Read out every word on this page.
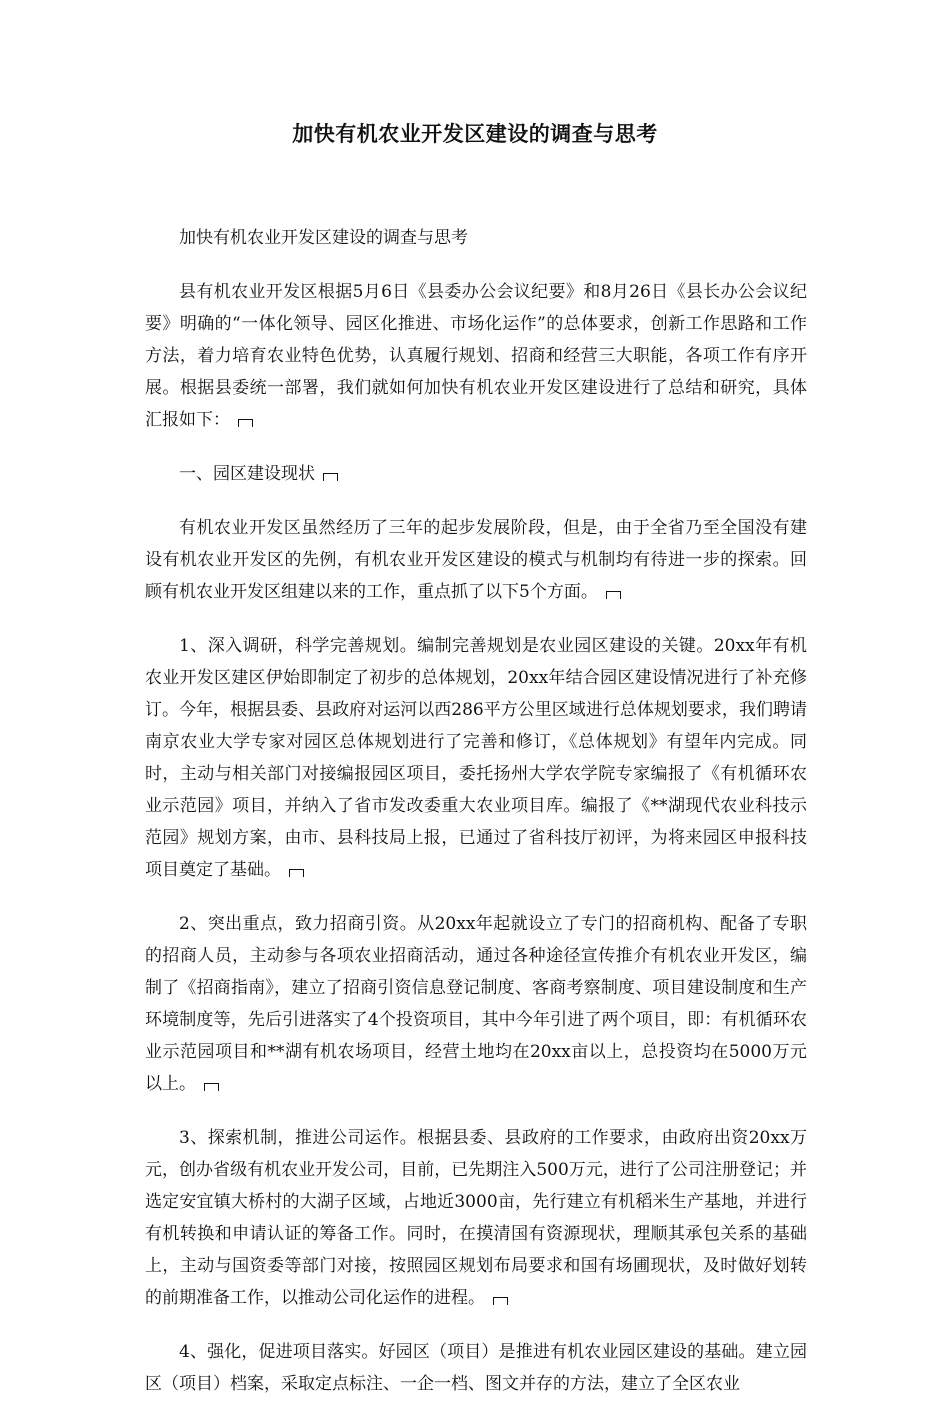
加快有机农业开发区建设的调查与思考

加快有机农业开发区建设的调查与思考

县有机农业开发区根据5月6日《县委办公会议纪要》和8月26日《县长办公会议纪要》明确的“一体化领导、园区化推进、市场化运作”的总体要求，创新工作思路和工作方法，着力培育农业特色优势，认真履行规划、招商和经营三大职能，各项工作有序开展。根据县委统一部署，我们就如何加快有机农业开发区建设进行了总结和研究，具体汇报如下：

一、园区建设现状

有机农业开发区虽然经历了三年的起步发展阶段，但是，由于全省乃至全国没有建设有机农业开发区的先例，有机农业开发区建设的模式与机制均有待进一步的探索。回顾有机农业开发区组建以来的工作，重点抓了以下5个方面。

1、深入调研，科学完善规划。编制完善规划是农业园区建设的关键。20xx年有机农业开发区建区伊始即制定了初步的总体规划，20xx年结合园区建设情况进行了补充修订。今年，根据县委、县政府对运河以西286平方公里区域进行总体规划要求，我们聘请南京农业大学专家对园区总体规划进行了完善和修订，《总体规划》有望年内完成。同时，主动与相关部门对接编报园区项目，委托扬州大学农学院专家编报了《有机循环农业示范园》项目，并纳入了省市发改委重大农业项目库。编报了《**湖现代农业科技示范园》规划方案，由市、县科技局上报，已通过了省科技厅初评，为将来园区申报科技项目奠定了基础。

2、突出重点，致力招商引资。从20xx年起就设立了专门的招商机构、配备了专职的招商人员，主动参与各项农业招商活动，通过各种途径宣传推介有机农业开发区，编制了《招商指南》，建立了招商引资信息登记制度、客商考察制度、项目建设制度和生产环境制度等，先后引进落实了4个投资项目，其中今年引进了两个项目，即：有机循环农业示范园项目和**湖有机农场项目，经营土地均在20xx亩以上，总投资均在5000万元以上。

3、探索机制，推进公司运作。根据县委、县政府的工作要求，由政府出资20xx万元，创办省级有机农业开发公司，目前，已先期注入500万元，进行了公司注册登记；并选定安宜镇大桥村的大湖子区域，占地近3000亩，先行建立有机稻米生产基地，并进行有机转换和申请认证的筹备工作。同时，在摸清国有资源现状，理顺其承包关系的基础上，主动与国资委等部门对接，按照园区规划布局要求和国有场圃现状，及时做好划转的前期准备工作，以推动公司化运作的进程。

4、强化，促进项目落实。好园区（项目）是推进有机农业园区建设的基础。建立园区（项目）档案，采取定点标注、一企一档、图文并存的方法，建立了全区农业
